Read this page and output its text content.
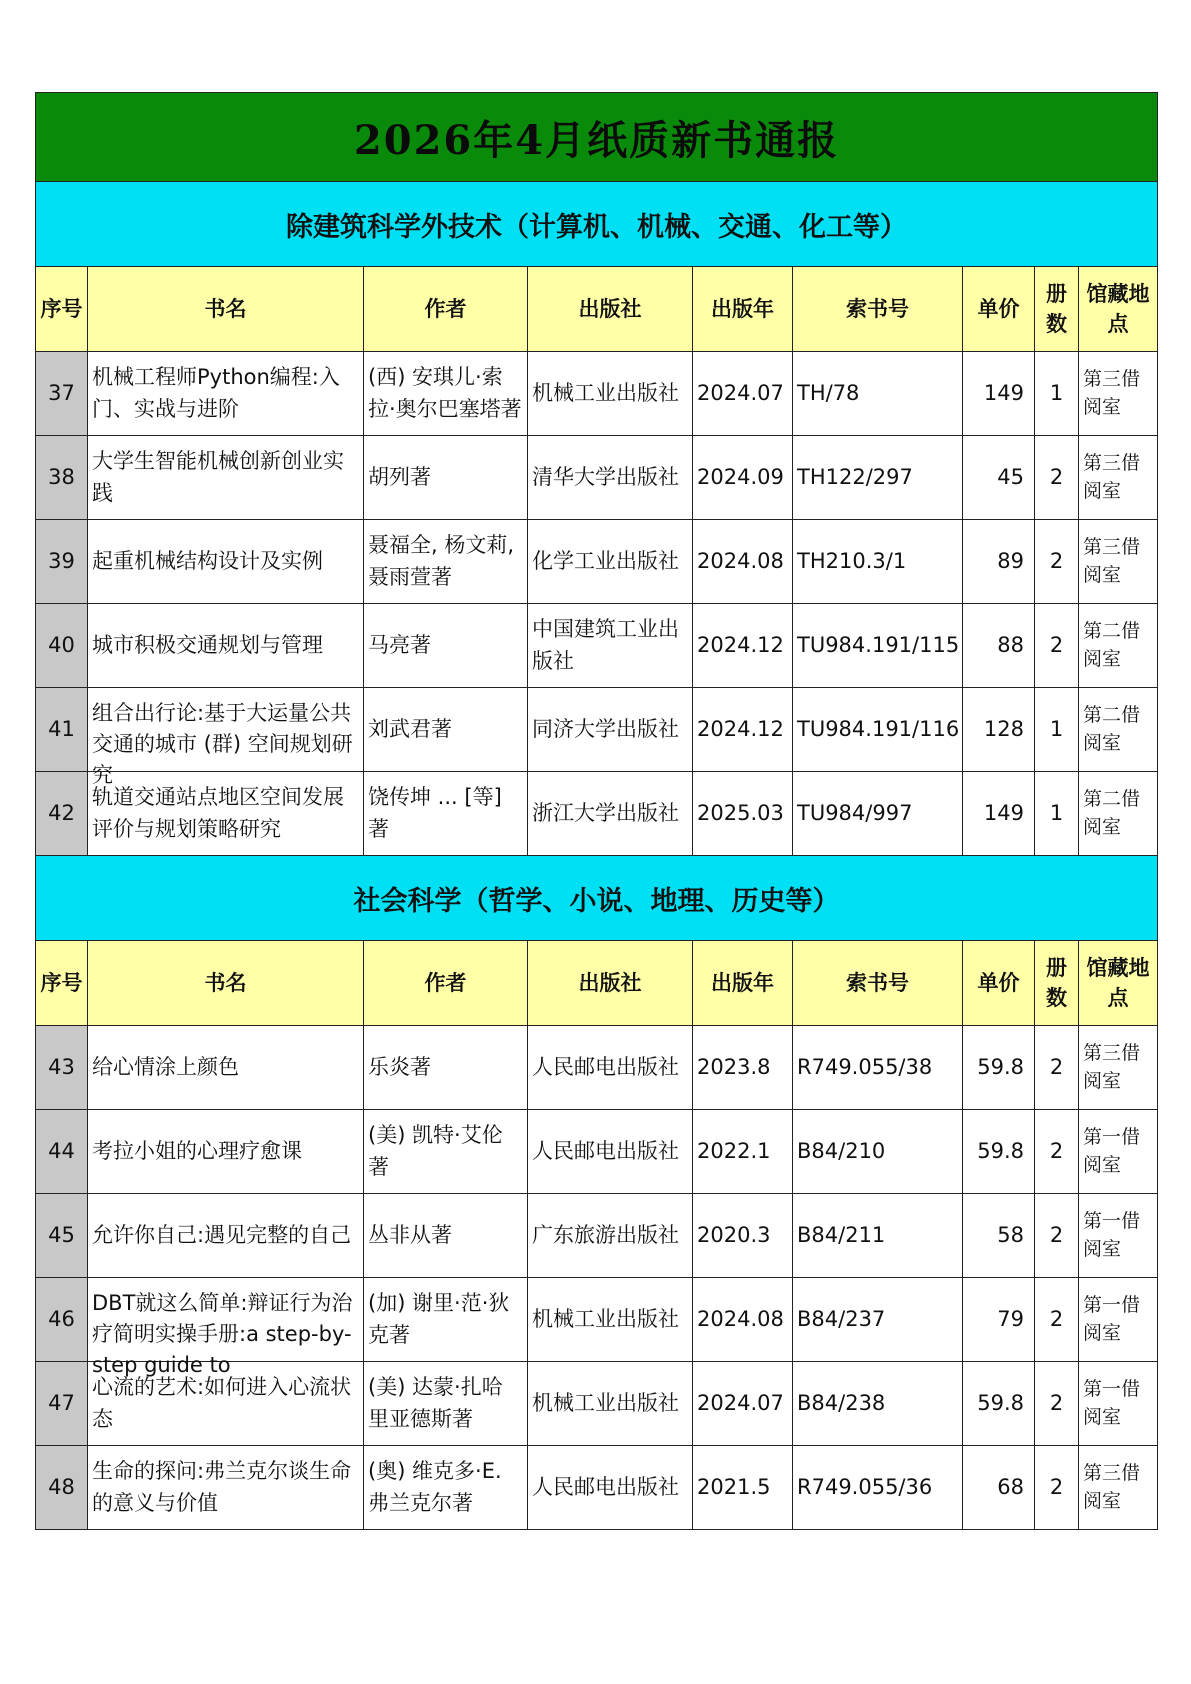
2026年4月纸质新书通报								
除建筑科学外技术（计算机、机械、交通、化工等）								
序号	书名	作者	出版社	出版年	索书号	单价	册数	馆藏地点

37	机械工程师Python编程:入门、实战与进阶	(西) 安琪儿·索拉·奥尔巴塞塔著	机械工业出版社	2024.07	TH/78	149	1	第三借阅室

38	大学生智能机械创新创业实践	胡列著	清华大学出版社	2024.09	TH122/297	45	2	第三借阅室

39	起重机械结构设计及实例	聂福全, 杨文莉, 聂雨萱著	化学工业出版社	2024.08	TH210.3/1	89	2	第三借阅室

40	城市积极交通规划与管理	马亮著	中国建筑工业出版社	2024.12	TU984.191/115	88	2	第二借阅室

41	组合出行论:基于大运量公共交通的城市 (群) 空间规划研究	刘武君著	同济大学出版社	2024.12	TU984.191/116	128	1	第二借阅室

42	轨道交通站点地区空间发展评价与规划策略研究	饶传坤 ... [等] 著	浙江大学出版社	2025.03	TU984/997	149	1	第二借阅室

社会科学（哲学、小说、地理、历史等）								
序号	书名	作者	出版社	出版年	索书号	单价	册数	馆藏地点

43	给心情涂上颜色	乐炎著	人民邮电出版社	2023.8	R749.055/38	59.8	2	第三借阅室

44	考拉小姐的心理疗愈课	(美) 凯特·艾伦著	人民邮电出版社	2022.1	B84/210	59.8	2	第一借阅室

45	允许你自己:遇见完整的自己	丛非从著	广东旅游出版社	2020.3	B84/211	58	2	第一借阅室

46	DBT就这么简单:辩证行为治疗简明实操手册:a step-by-step guide to	(加) 谢里·范·狄克著	机械工业出版社	2024.08	B84/237	79	2	第一借阅室

47	心流的艺术:如何进入心流状态	(美) 达蒙·扎哈里亚德斯著	机械工业出版社	2024.07	B84/238	59.8	2	第一借阅室

48	生命的探问:弗兰克尔谈生命的意义与价值	(奥) 维克多·E. 弗兰克尔著	人民邮电出版社	2021.5	R749.055/36	68	2	第三借阅室
